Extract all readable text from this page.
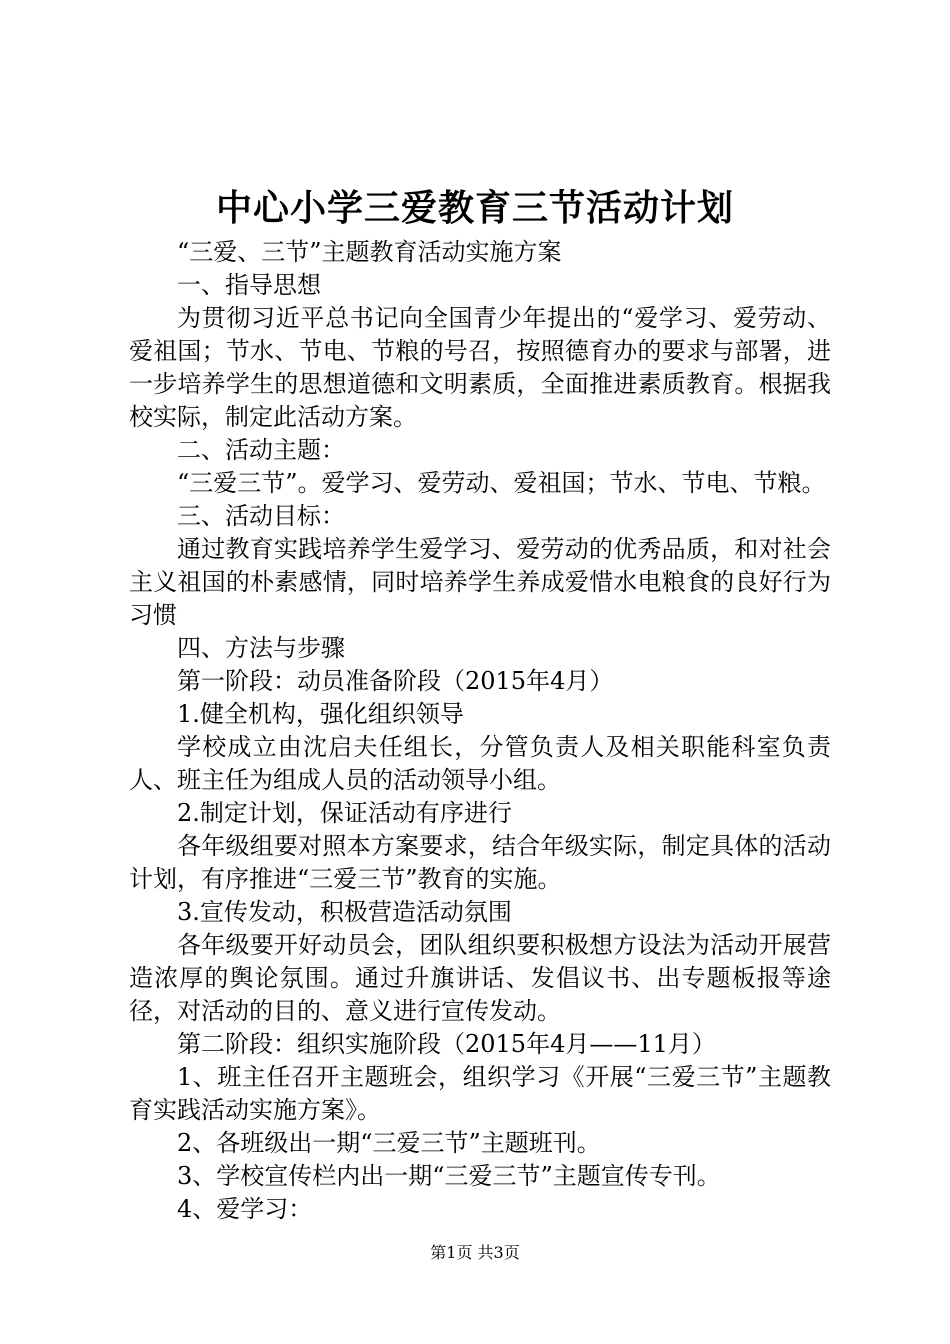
中心小学三爱教育三节活动计划

“三爱、三节”主题教育活动实施方案

一、指导思想

为贯彻习近平总书记向全国青少年提出的“爱学习、爱劳动、爱祖国；节水、节电、节粮的号召，按照德育办的要求与部署，进一步培养学生的思想道德和文明素质，全面推进素质教育。根据我校实际，制定此活动方案。

二、活动主题：

“三爱三节”。爱学习、爱劳动、爱祖国；节水、节电、节粮。

三、活动目标：

通过教育实践培养学生爱学习、爱劳动的优秀品质，和对社会主义祖国的朴素感情，同时培养学生养成爱惜水电粮食的良好行为习惯

四、方法与步骤

第一阶段：动员准备阶段（2015年4月）

1.健全机构，强化组织领导

学校成立由沈启夫任组长，分管负责人及相关职能科室负责人、班主任为组成人员的活动领导小组。

2.制定计划，保证活动有序进行

各年级组要对照本方案要求，结合年级实际，制定具体的活动计划，有序推进“三爱三节”教育的实施。

3.宣传发动，积极营造活动氛围

各年级要开好动员会，团队组织要积极想方设法为活动开展营造浓厚的舆论氛围。通过升旗讲话、发倡议书、出专题板报等途径，对活动的目的、意义进行宣传发动。

第二阶段：组织实施阶段（2015年4月——11月）

1、班主任召开主题班会，组织学习《开展“三爱三节”主题教育实践活动实施方案》。

2、各班级出一期“三爱三节”主题班刊。

3、学校宣传栏内出一期“三爱三节”主题宣传专刊。

4、爱学习：

第1页 共3页
